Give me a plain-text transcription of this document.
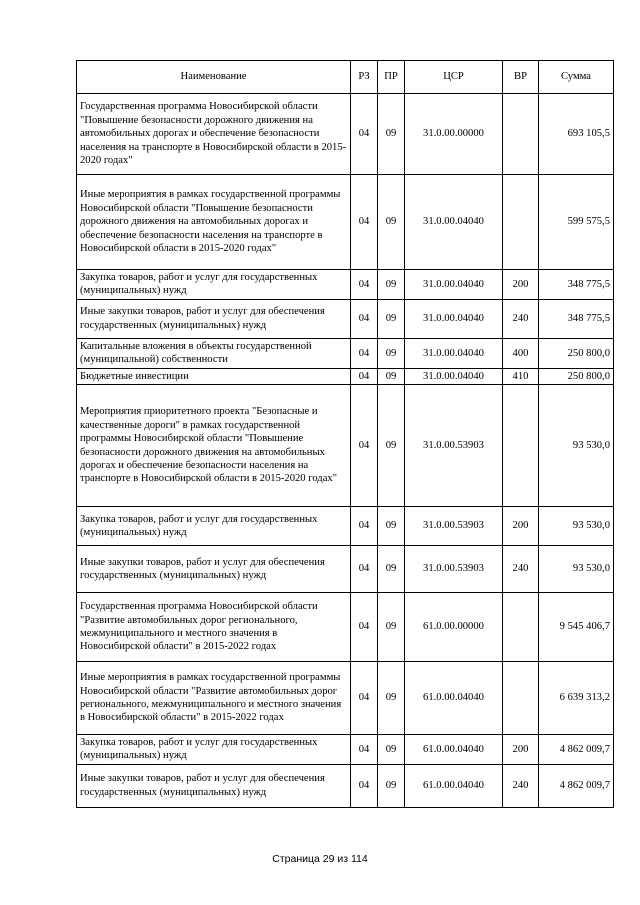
Наименование	РЗ	ПР	ЦСР	ВР	Сумма
Государственная программа Новосибирской области "Повышение безопасности дорожного движения на автомобильных дорогах и обеспечение безопасности населения на транспорте в Новосибирской области в 2015-2020 годах"	04	09	31.0.00.00000		693 105,5
Иные мероприятия в рамках государственной программы Новосибирской области "Повышение безопасности дорожного движения на автомобильных дорогах и обеспечение безопасности населения на транспорте в Новосибирской области в 2015-2020 годах"	04	09	31.0.00.04040		599 575,5
Закупка товаров, работ и услуг для государственных (муниципальных) нужд	04	09	31.0.00.04040	200	348 775,5
Иные закупки товаров, работ и услуг для обеспечения государственных (муниципальных) нужд	04	09	31.0.00.04040	240	348 775,5
Капитальные вложения в объекты государственной (муниципальной) собственности	04	09	31.0.00.04040	400	250 800,0
Бюджетные инвестиции	04	09	31.0.00.04040	410	250 800,0
Мероприятия приоритетного проекта "Безопасные и качественные дороги" в рамках государственной программы Новосибирской области "Повышение безопасности дорожного движения на автомобильных дорогах и обеспечение безопасности населения на транспорте в Новосибирской области в 2015-2020 годах"	04	09	31.0.00.53903		93 530,0
Закупка товаров, работ и услуг для государственных (муниципальных) нужд	04	09	31.0.00.53903	200	93 530,0
Иные закупки товаров, работ и услуг для обеспечения государственных (муниципальных) нужд	04	09	31.0.00.53903	240	93 530,0
Государственная программа Новосибирской области "Развитие автомобильных дорог регионального, межмуниципального и местного значения в Новосибирской области" в 2015-2022 годах	04	09	61.0.00.00000		9 545 406,7
Иные мероприятия в рамках государственной программы Новосибирской области "Развитие автомобильных дорог регионального, межмуниципального и местного значения в Новосибирской области" в 2015-2022 годах	04	09	61.0.00.04040		6 639 313,2
Закупка товаров, работ и услуг для государственных (муниципальных) нужд	04	09	61.0.00.04040	200	4 862 009,7
Иные закупки товаров, работ и услуг для обеспечения государственных (муниципальных) нужд	04	09	61.0.00.04040	240	4 862 009,7
Страница 29 из 114
